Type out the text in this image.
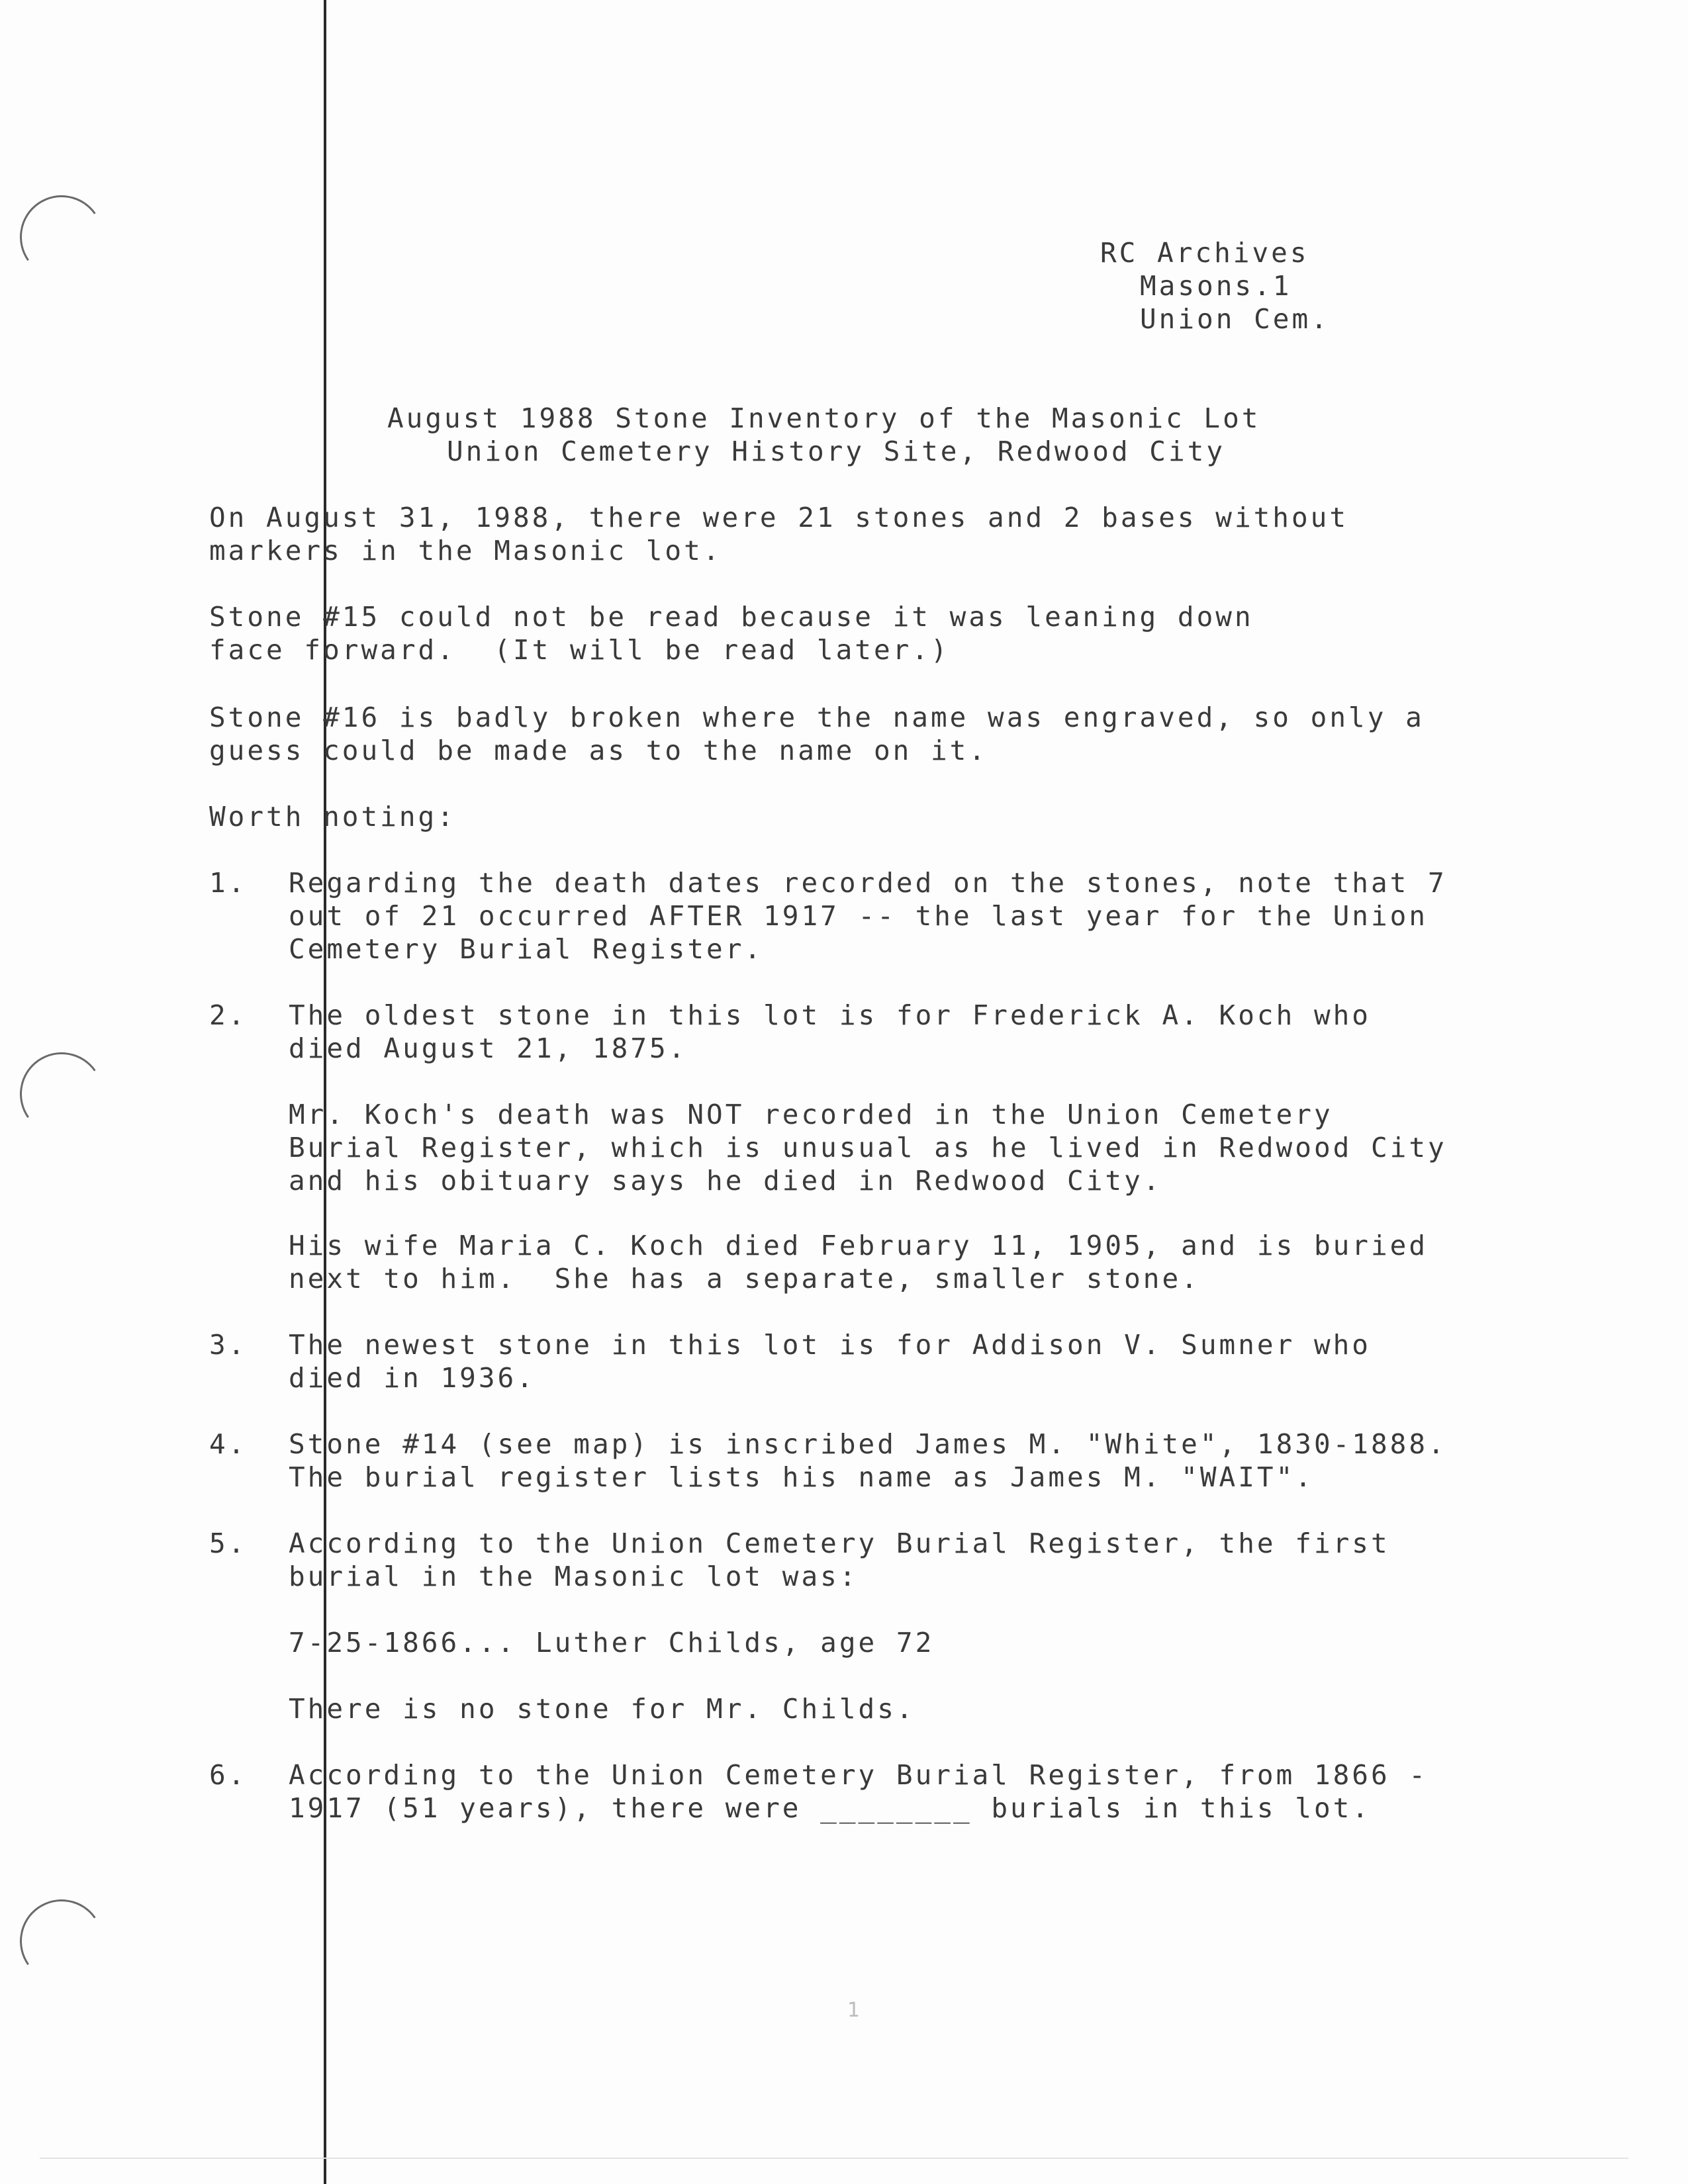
RC Archives
Masons.1
Union Cem.
August 1988 Stone Inventory of the Masonic Lot
Union Cemetery History Site, Redwood City
On August 31, 1988, there were 21 stones and 2 bases without
markers in the Masonic lot.
Stone #15 could not be read because it was leaning down
face forward.  (It will be read later.)
Stone #16 is badly broken where the name was engraved, so only a
guess could be made as to the name on it.
Worth noting:
1. Regarding the death dates recorded on the stones, note that 7
out of 21 occurred AFTER 1917 -- the last year for the Union
Cemetery Burial Register.
2. The oldest stone in this lot is for Frederick A. Koch who
died August 21, 1875.
Mr. Koch's death was NOT recorded in the Union Cemetery
Burial Register, which is unusual as he lived in Redwood City
and his obituary says he died in Redwood City.
His wife Maria C. Koch died February 11, 1905, and is buried
next to him.  She has a separate, smaller stone.
3. The newest stone in this lot is for Addison V. Sumner who
died in 1936.
4. Stone #14 (see map) is inscribed James M. "White", 1830-1888.
The burial register lists his name as James M. "WAIT".
5. According to the Union Cemetery Burial Register, the first
burial in the Masonic lot was:
7-25-1866... Luther Childs, age 72
There is no stone for Mr. Childs.
6. According to the Union Cemetery Burial Register, from 1866 -
1917 (51 years), there were ________ burials in this lot.
1
